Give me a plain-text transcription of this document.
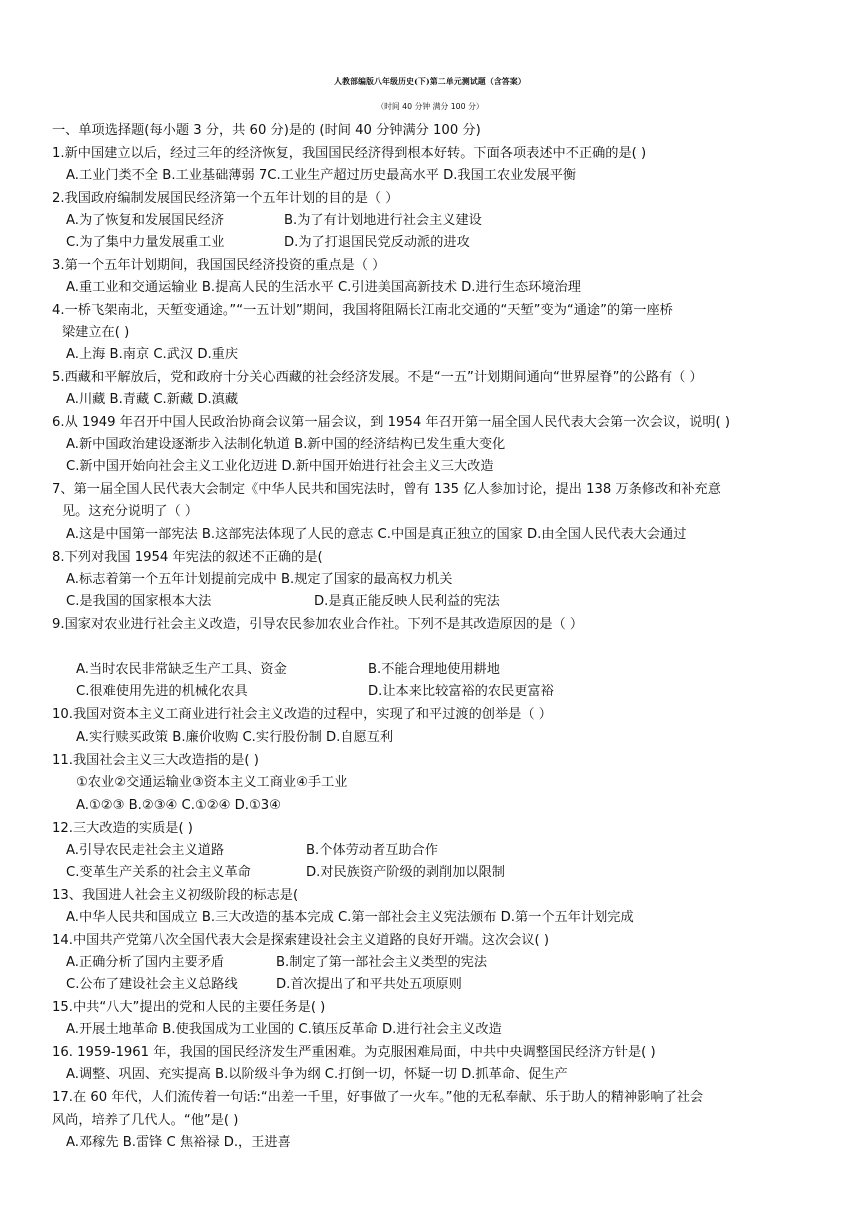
人教部编版八年级历史(下)第二单元测试题（含答案）
（时间 40 分钟 满分 100 分）
一、单项选择题(每小题 3 分，共 60 分)是的 (时间 40 分钟满分 100 分)
1.新中国建立以后，经过三年的经济恢复，我国国民经济得到根本好转。下面各项表述中不正确的是( )
A.工业门类不全 B.工业基础薄弱 7C.工业生产超过历史最高水平 D.我国工农业发展平衡
2.我国政府编制发展国民经济第一个五年计划的目的是（ ）
A.为了恢复和发展国民经济	B.为了有计划地进行社会主义建设
C.为了集中力量发展重工业	D.为了打退国民党反动派的进攻
3.第一个五年计划期间，我国国民经济投资的重点是（ ）
A.重工业和交通运输业 B.提高人民的生活水平 C.引进美国高新技术 D.进行生态环境治理
4.一桥飞架南北，天堑变通途。”“一五计划”期间，我国将阻隔长江南北交通的“天堑”变为“通途”的第一座桥
梁建立在( )
A.上海 B.南京 C.武汉 D.重庆
5.西藏和平解放后，党和政府十分关心西藏的社会经济发展。不是“一五”计划期间通向“世界屋脊”的公路有（ ）
A.川藏 B.青藏 C.新藏 D.滇藏
6.从 1949 年召开中国人民政治协商会议第一届会议，到 1954 年召开第一届全国人民代表大会第一次会议，说明( )
A.新中国政治建设逐渐步入法制化轨道 B.新中国的经济结构已发生重大变化
C.新中国开始向社会主义工业化迈进 D.新中国开始进行社会主义三大改造
7、第一届全国人民代表大会制定《中华人民共和国宪法时，曾有 135 亿人参加讨论，提出 138 万条修改和补充意
见。这充分说明了（ ）
A.这是中国第一部宪法 B.这部宪法体现了人民的意志 C.中国是真正独立的国家 D.由全国人民代表大会通过
8.下列对我国 1954 年宪法的叙述不正确的是(
A.标志着第一个五年计划提前完成中 B.规定了国家的最高权力机关
C.是我国的国家根本大法	D.是真正能反映人民利益的宪法
9.国家对农业进行社会主义改造，引导农民参加农业合作社。下列不是其改造原因的是（ ）
A.当时农民非常缺乏生产工具、资金	B.不能合理地使用耕地
C.很难使用先进的机械化农具	D.让本来比较富裕的农民更富裕
10.我国对资本主义工商业进行社会主义改造的过程中，实现了和平过渡的创举是（ ）
A.实行赎买政策 B.廉价收购 C.实行股份制 D.自愿互利
11.我国社会主义三大改造指的是( )
①农业②交通运输业③资本主义工商业④手工业
A.①②③ B.②③④ C.①②④ D.①3④
12.三大改造的实质是( )
A.引导农民走社会主义道路	B.个体劳动者互助合作
C.变革生产关系的社会主义革命	D.对民族资产阶级的剥削加以限制
13、我国进人社会主义初级阶段的标志是(
A.中华人民共和国成立 B.三大改造的基本完成 C.第一部社会主义宪法颁布 D.第一个五年计划完成
14.中国共产党第八次全国代表大会是探索建设社会主义道路的良好开端。这次会议( )
A.正确分析了国内主要矛盾	B.制定了第一部社会主义类型的宪法
C.公布了建设社会主义总路线	D.首次提出了和平共处五项原则
15.中共“八大”提出的党和人民的主要任务是( )
A.开展土地革命 B.使我国成为工业国的 C.镇压反革命 D.进行社会主义改造
16. 1959-1961 年，我国的国民经济发生严重困难。为克服困难局面，中共中央调整国民经济方针是( )
A.调整、巩固、充实提高 B.以阶级斗争为纲 C.打倒一切，怀疑一切 D.抓革命、促生产
17.在 60 年代，人们流传着一句话:“出差一千里，好事做了一火车。”他的无私奉献、乐于助人的精神影响了社会
风尚，培养了几代人。“他”是( )
A.邓稼先 B.雷锋 C 焦裕禄 D.，王进喜
